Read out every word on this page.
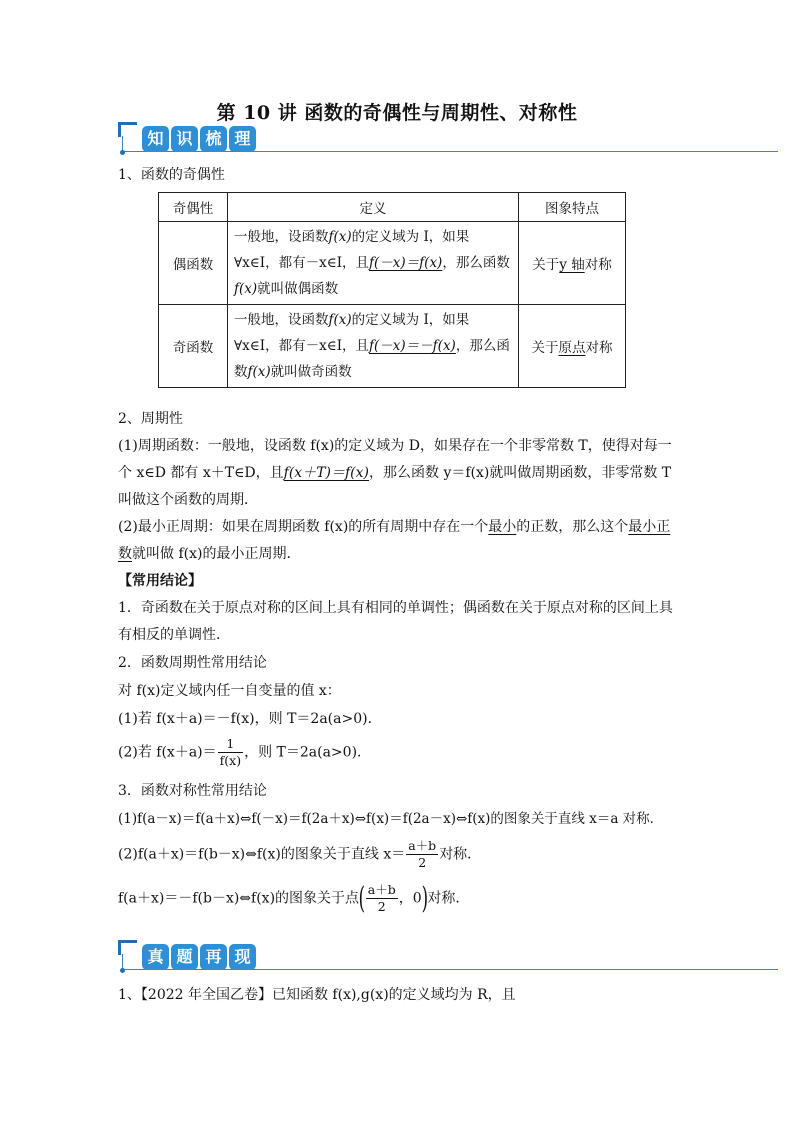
第 10 讲 函数的奇偶性与周期性、对称性
知 识 梳 理
1、函数的奇偶性
奇偶性	定义	图象特点
偶函数	一般地，设函数f(x)的定义域为 I，如果∀x∈I，都有－x∈I，且f(－x)＝f(x)，那么函数f(x)就叫做偶函数	关于y 轴对称
奇函数	一般地，设函数f(x)的定义域为 I，如果∀x∈I，都有－x∈I，且f(－x)＝－f(x)，那么函数f(x)就叫做奇函数	关于原点对称
2、周期性
(1)周期函数：一般地，设函数 f(x)的定义域为 D，如果存在一个非零常数 T，使得对每一个 x∈D 都有 x＋T∈D，且f(x＋T)＝f(x)，那么函数 y＝f(x)就叫做周期函数，非零常数 T 叫做这个函数的周期．
(2)最小正周期：如果在周期函数 f(x)的所有周期中存在一个最小的正数，那么这个最小正数就叫做 f(x)的最小正周期．
【常用结论】
1．奇函数在关于原点对称的区间上具有相同的单调性；偶函数在关于原点对称的区间上具有相反的单调性．
2．函数周期性常用结论
对 f(x)定义域内任一自变量的值 x：
(1)若 f(x＋a)＝－f(x)，则 T＝2a(a>0)．
(2)若 $f(x+a)= \frac{1}{f(x)}$ ，则 T＝2a(a>0)．
3．函数对称性常用结论
(1)f(a－x)＝f(a＋x)⇔f(－x)＝f(2a＋x)⇔f(x)＝f(2a－x)⇔f(x)的图象关于直线 x＝a 对称．
(2)f(a＋x)＝f(b－x)⇔f(x)的图象关于直线 $x= \frac{a+b}{2}$ 对称．
f(a＋x)＝－f(b－x)⇔f(x)的图象关于点( $\frac{a+b}{2}$ ，0)对称．
真 题 再 现
1、【2022 年全国乙卷】已知函数 f(x),g(x)的定义域均为 R，且
